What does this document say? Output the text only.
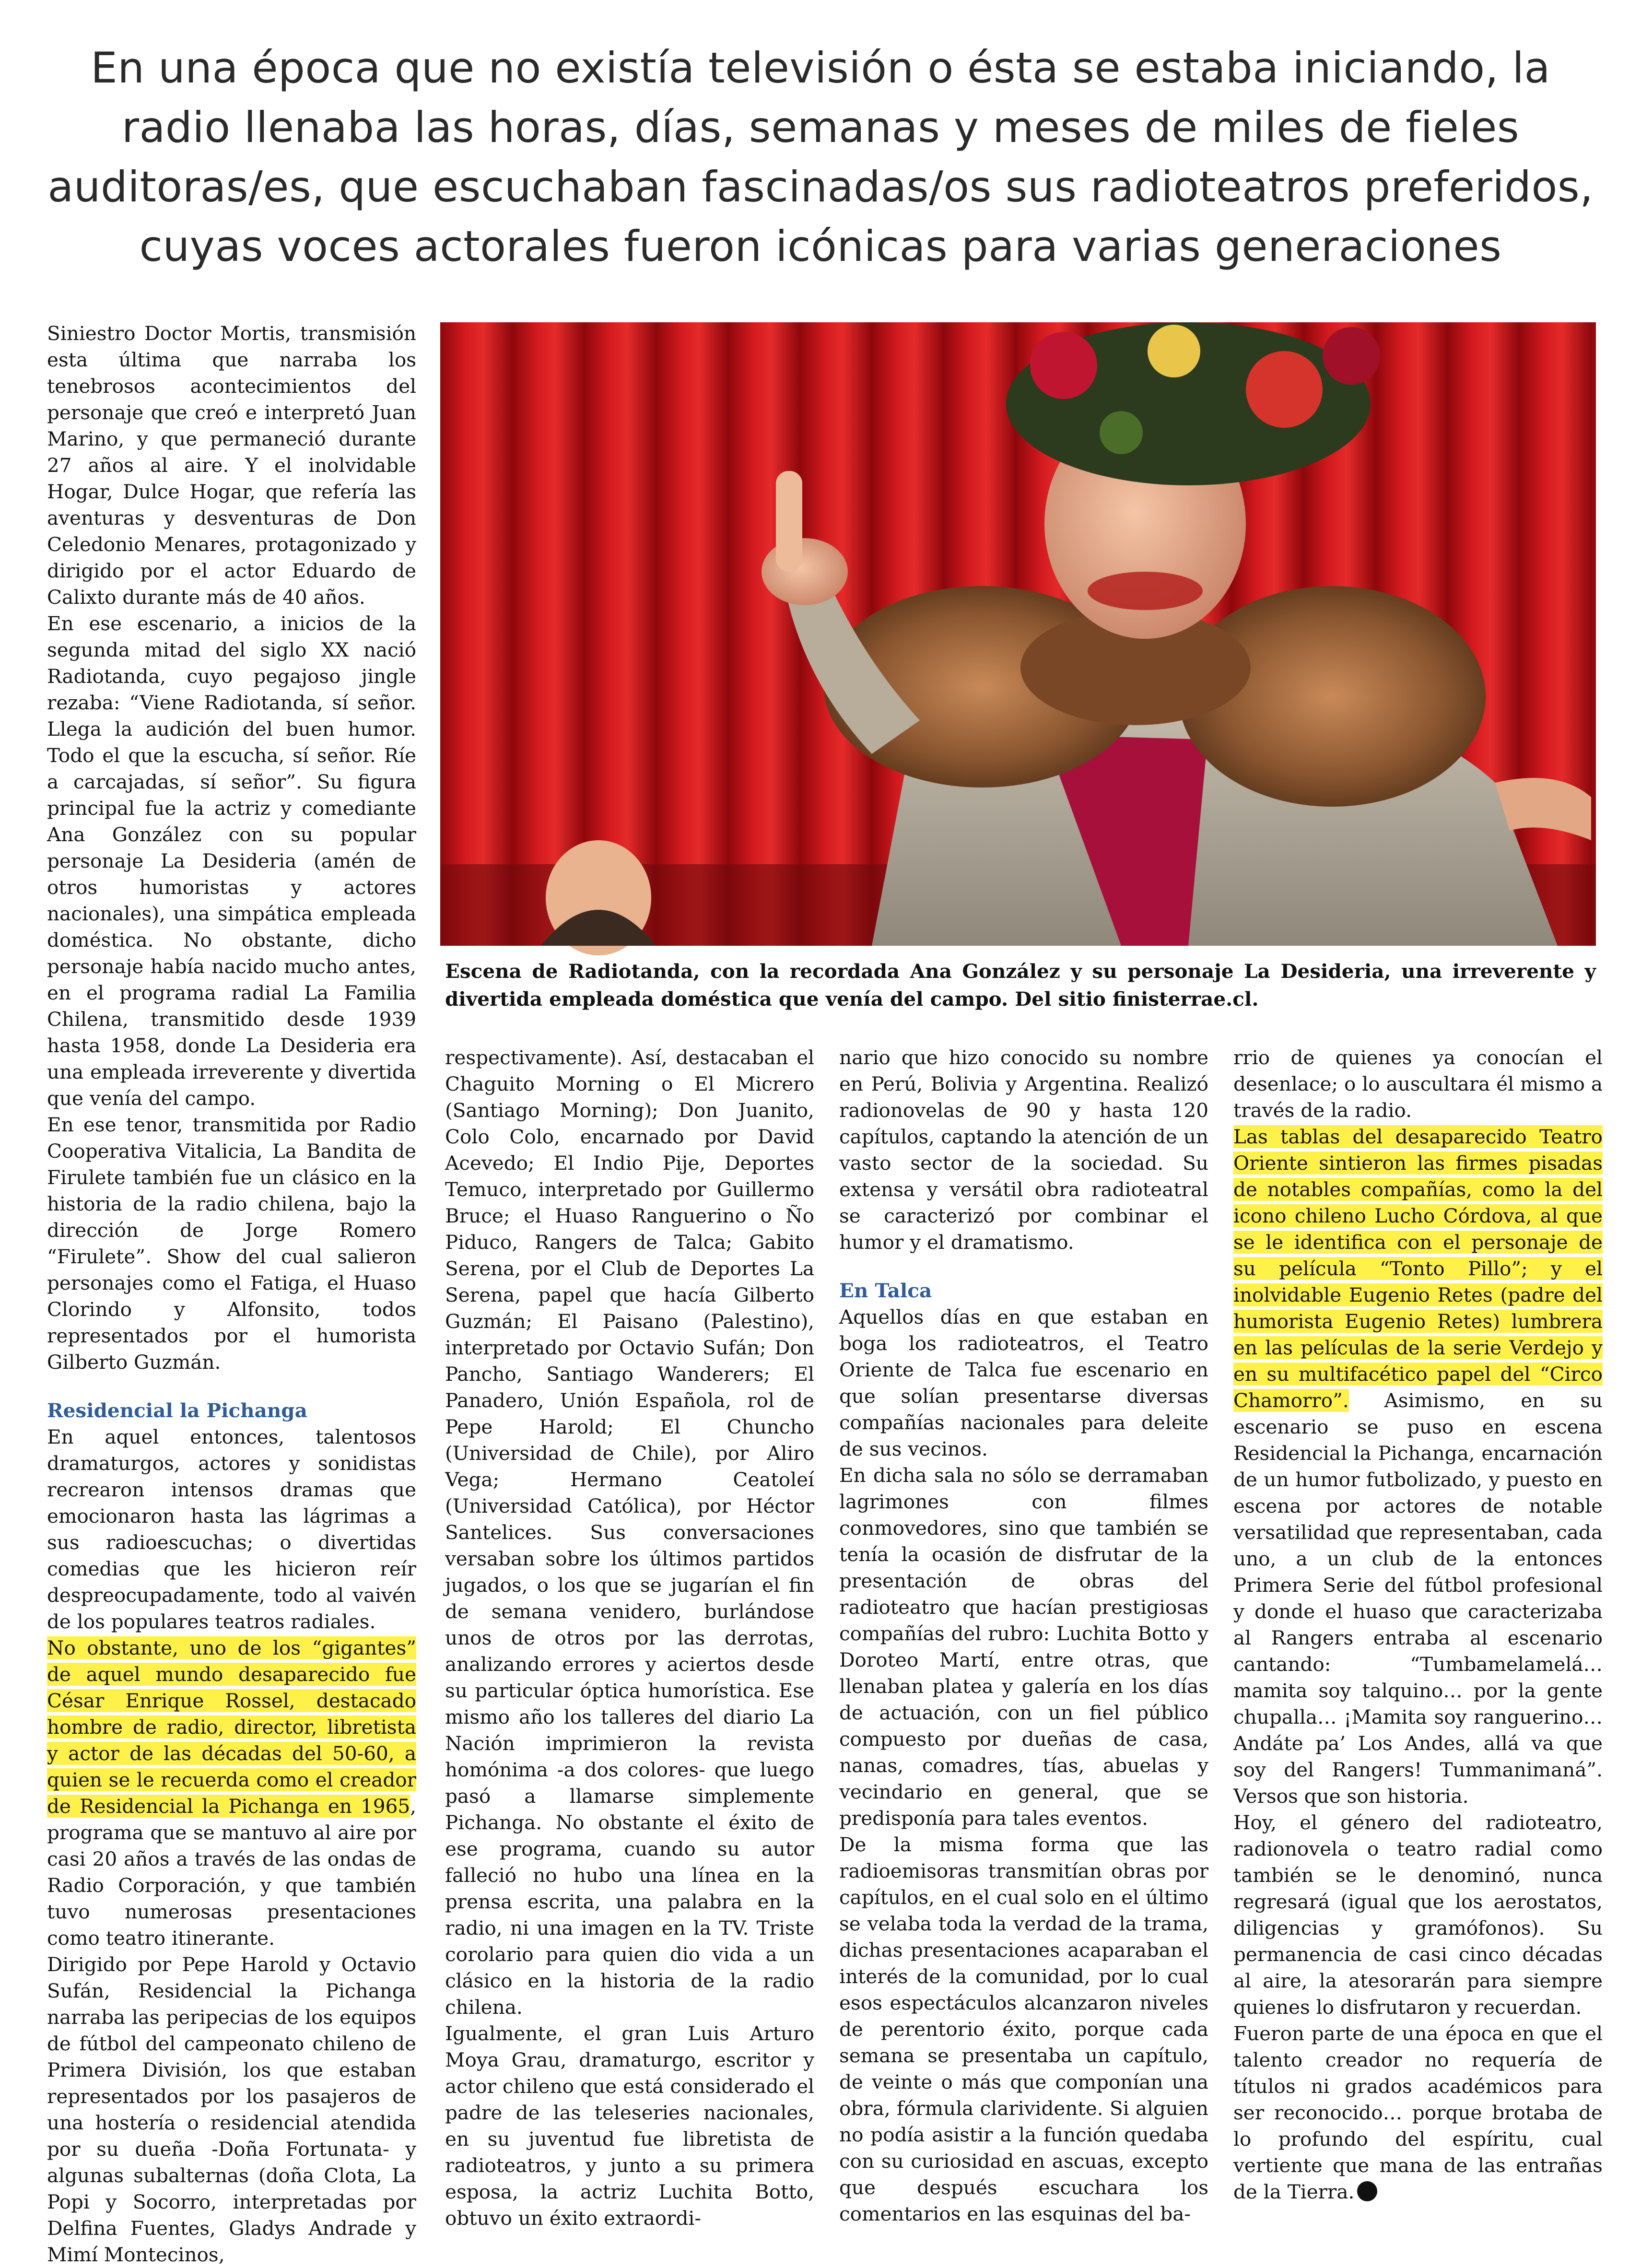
En una época que no existía televisión o ésta se estaba iniciando, la radio llenaba las horas, días, semanas y meses de miles de fieles auditoras/es, que escuchaban fascinadas/os sus radioteatros preferidos, cuyas voces actorales fueron icónicas para varias generaciones

Escena de Radiotanda, con la recordada Ana González y su personaje La Desideria, una irreverente y divertida empleada doméstica que venía del campo. Del sitio finisterrae.cl.

Siniestro Doctor Mortis, transmisión esta última que narraba los tenebrosos acontecimientos del personaje que creó e interpretó Juan Marino, y que permaneció durante 27 años al aire. Y el inolvidable Hogar, Dulce Hogar, que refería las aventuras y desventuras de Don Celedonio Menares, protagonizado y dirigido por el actor Eduardo de Calixto durante más de 40 años.

En ese escenario, a inicios de la segunda mitad del siglo XX nació Radiotanda, cuyo pegajoso jingle rezaba: “Viene Radiotanda, sí señor. Llega la audición del buen humor. Todo el que la escucha, sí señor. Ríe a carcajadas, sí señor”. Su figura principal fue la actriz y comediante Ana González con su popular personaje La Desideria (amén de otros humoristas y actores nacionales), una simpática empleada doméstica. No obstante, dicho personaje había nacido mucho antes, en el programa radial La Familia Chilena, transmitido desde 1939 hasta 1958, donde La Desideria era una empleada irreverente y divertida que venía del campo.

En ese tenor, transmitida por Radio Cooperativa Vitalicia, La Bandita de Firulete también fue un clásico en la historia de la radio chilena, bajo la dirección de Jorge Romero “Firulete”. Show del cual salieron personajes como el Fatiga, el Huaso Clorindo y Alfonsito, todos representados por el humorista Gilberto Guzmán.

Residencial la Pichanga

En aquel entonces, talentosos dramaturgos, actores y sonidistas recrearon intensos dramas que emocionaron hasta las lágrimas a sus radioescuchas; o divertidas comedias que les hicieron reír despreocupadamente, todo al vaivén de los populares teatros radiales.

No obstante, uno de los “gigantes” de aquel mundo desaparecido fue César Enrique Rossel, destacado hombre de radio, director, libretista y actor de las décadas del 50-60, a quien se le recuerda como el creador de Residencial la Pichanga en 1965, programa que se mantuvo al aire por casi 20 años a través de las ondas de Radio Corporación, y que también tuvo numerosas presentaciones como teatro itinerante.

Dirigido por Pepe Harold y Octavio Sufán, Residencial la Pichanga narraba las peripecias de los equipos de fútbol del campeonato chileno de Primera División, los que estaban representados por los pasajeros de una hostería o residencial atendida por su dueña -Doña Fortunata- y algunas subalternas (doña Clota, La Popi y Socorro, interpretadas por Delfina Fuentes, Gladys Andrade y Mimí Montecinos,

respectivamente). Así, destacaban el Chaguito Morning o El Micrero (Santiago Morning); Don Juanito, Colo Colo, encarnado por David Acevedo; El Indio Pije, Deportes Temuco, interpretado por Guillermo Bruce; el Huaso Ranguerino o Ño Piduco, Rangers de Talca; Gabito Serena, por el Club de Deportes La Serena, papel que hacía Gilberto Guzmán; El Paisano (Palestino), interpretado por Octavio Sufán; Don Pancho, Santiago Wanderers; El Panadero, Unión Española, rol de Pepe Harold; El Chuncho (Universidad de Chile), por Aliro Vega; Hermano Ceatoleí (Universidad Católica), por Héctor Santelices. Sus conversaciones versaban sobre los últimos partidos jugados, o los que se jugarían el fin de semana venidero, burlándose unos de otros por las derrotas, analizando errores y aciertos desde su particular óptica humorística. Ese mismo año los talleres del diario La Nación imprimieron la revista homónima -a dos colores- que luego pasó a llamarse simplemente Pichanga. No obstante el éxito de ese programa, cuando su autor falleció no hubo una línea en la prensa escrita, una palabra en la radio, ni una imagen en la TV. Triste corolario para quien dio vida a un clásico en la historia de la radio chilena.

Igualmente, el gran Luis Arturo Moya Grau, dramaturgo, escritor y actor chileno que está considerado el padre de las teleseries nacionales, en su juventud fue libretista de radioteatros, y junto a su primera esposa, la actriz Luchita Botto, obtuvo un éxito extraordi-

nario que hizo conocido su nombre en Perú, Bolivia y Argentina. Realizó radionovelas de 90 y hasta 120 capítulos, captando la atención de un vasto sector de la sociedad. Su extensa y versátil obra radioteatral se caracterizó por combinar el humor y el dramatismo.

En Talca

Aquellos días en que estaban en boga los radioteatros, el Teatro Oriente de Talca fue escenario en que solían presentarse diversas compañías nacionales para deleite de sus vecinos.

En dicha sala no sólo se derramaban lagrimones con filmes conmovedores, sino que también se tenía la ocasión de disfrutar de la presentación de obras del radioteatro que hacían prestigiosas compañías del rubro: Luchita Botto y Doroteo Martí, entre otras, que llenaban platea y galería en los días de actuación, con un fiel público compuesto por dueñas de casa, nanas, comadres, tías, abuelas y vecindario en general, que se predisponía para tales eventos.

De la misma forma que las radioemisoras transmitían obras por capítulos, en el cual solo en el último se velaba toda la verdad de la trama, dichas presentaciones acaparaban el interés de la comunidad, por lo cual esos espectáculos alcanzaron niveles de perentorio éxito, porque cada semana se presentaba un capítulo, de veinte o más que componían una obra, fórmula clarividente. Si alguien no podía asistir a la función quedaba con su curiosidad en ascuas, excepto que después escuchara los comentarios en las esquinas del ba-

rrio de quienes ya conocían el desenlace; o lo auscultara él mismo a través de la radio.

Las tablas del desaparecido Teatro Oriente sintieron las firmes pisadas de notables compañías, como la del icono chileno Lucho Córdova, al que se le identifica con el personaje de su película “Tonto Pillo”; y el inolvidable Eugenio Retes (padre del humorista Eugenio Retes) lumbrera en las películas de la serie Verdejo y en su multifacético papel del “Circo Chamorro”. Asimismo, en su escenario se puso en escena Residencial la Pichanga, encarnación de un humor futbolizado, y puesto en escena por actores de notable versatilidad que representaban, cada uno, a un club de la entonces Primera Serie del fútbol profesional y donde el huaso que caracterizaba al Rangers entraba al escenario cantando: “Tumbamelamelá… mamita soy talquino… por la gente chupalla… ¡Mamita soy ranguerino… Andáte pa’ Los Andes, allá va que soy del Rangers! Tummanimaná”. Versos que son historia.

Hoy, el género del radioteatro, radionovela o teatro radial como también se le denominó, nunca regresará (igual que los aerostatos, diligencias y gramófonos). Su permanencia de casi cinco décadas al aire, la atesorarán para siempre quienes lo disfrutaron y recuerdan.

Fueron parte de una época en que el talento creador no requería de títulos ni grados académicos para ser reconocido… porque brotaba de lo profundo del espíritu, cual vertiente que mana de las entrañas de la Tierra.
